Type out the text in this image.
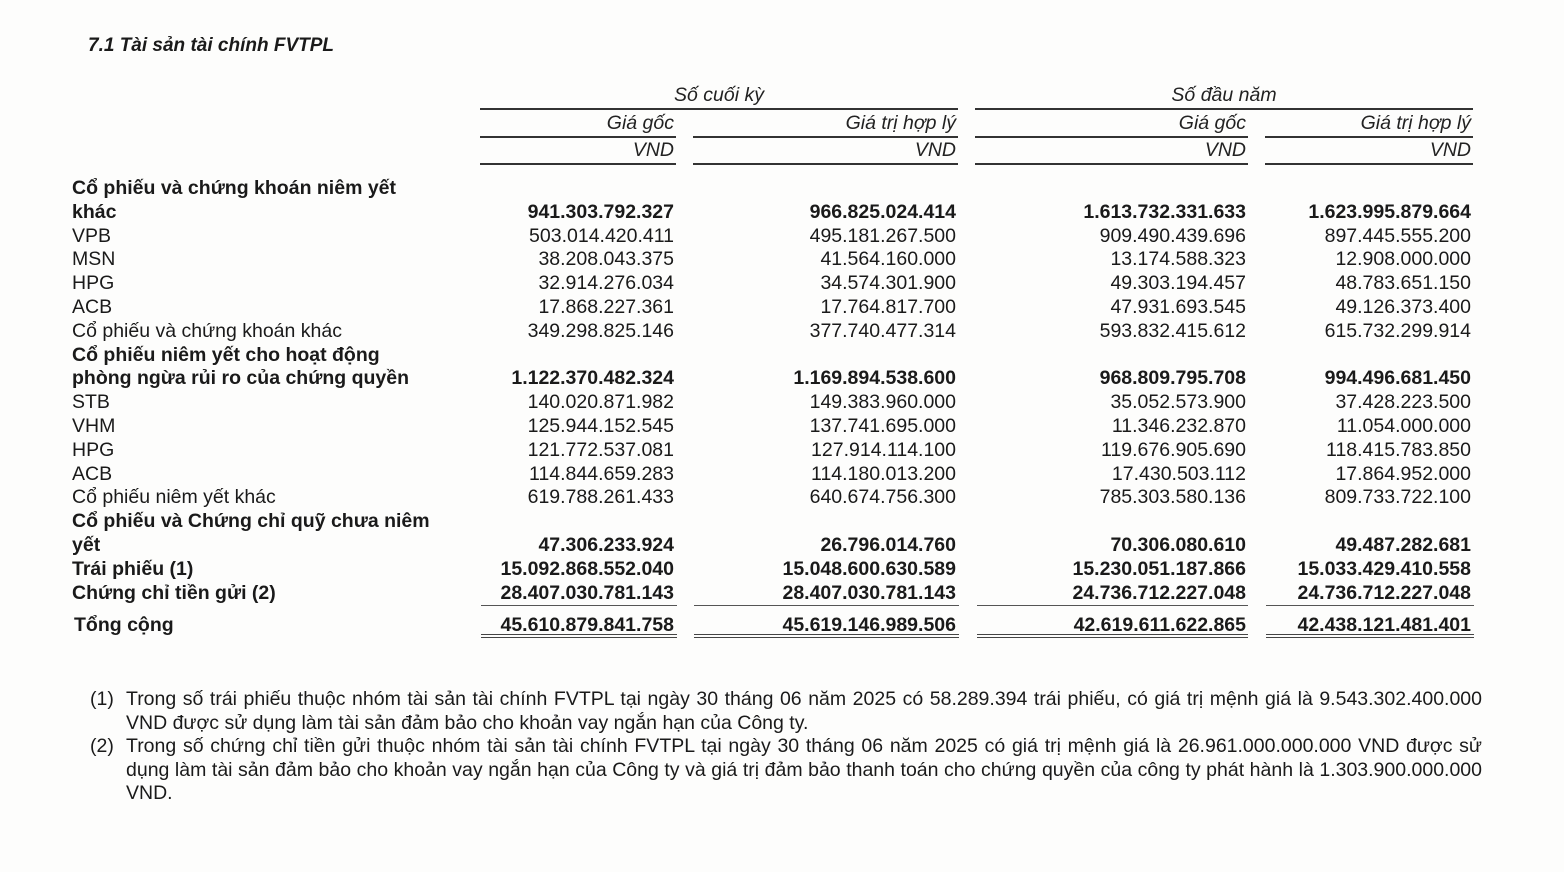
7.1 Tài sản tài chính FVTPL
Số cuối kỳ	Số đầu năm
Giá gốc	Giá trị hợp lý	Giá gốc	Giá trị hợp lý
VND	VND	VND	VND
Cổ phiếu và chứng khoán niêm yết
khác	941.303.792.327	966.825.024.414	1.613.732.331.633	1.623.995.879.664
VPB	503.014.420.411	495.181.267.500	909.490.439.696	897.445.555.200
MSN	38.208.043.375	41.564.160.000	13.174.588.323	12.908.000.000
HPG	32.914.276.034	34.574.301.900	49.303.194.457	48.783.651.150
ACB	17.868.227.361	17.764.817.700	47.931.693.545	49.126.373.400
Cổ phiếu và chứng khoán khác	349.298.825.146	377.740.477.314	593.832.415.612	615.732.299.914
Cổ phiếu niêm yết cho hoạt động
phòng ngừa rủi ro của chứng quyền	1.122.370.482.324	1.169.894.538.600	968.809.795.708	994.496.681.450
STB	140.020.871.982	149.383.960.000	35.052.573.900	37.428.223.500
VHM	125.944.152.545	137.741.695.000	11.346.232.870	11.054.000.000
HPG	121.772.537.081	127.914.114.100	119.676.905.690	118.415.783.850
ACB	114.844.659.283	114.180.013.200	17.430.503.112	17.864.952.000
Cổ phiếu niêm yết khác	619.788.261.433	640.674.756.300	785.303.580.136	809.733.722.100
Cổ phiếu và Chứng chỉ quỹ chưa niêm
yết	47.306.233.924	26.796.014.760	70.306.080.610	49.487.282.681
Trái phiếu (1)	15.092.868.552.040	15.048.600.630.589	15.230.051.187.866	15.033.429.410.558
Chứng chỉ tiền gửi (2)	28.407.030.781.143	28.407.030.781.143	24.736.712.227.048	24.736.712.227.048
Tổng cộng	45.610.879.841.758	45.619.146.989.506	42.619.611.622.865	42.438.121.481.401
(1) Trong số trái phiếu thuộc nhóm tài sản tài chính FVTPL tại ngày 30 tháng 06 năm 2025 có 58.289.394 trái phiếu, có giá trị mệnh giá là 9.543.302.400.000 VND được sử dụng làm tài sản đảm bảo cho khoản vay ngắn hạn của Công ty.
(2) Trong số chứng chỉ tiền gửi thuộc nhóm tài sản tài chính FVTPL tại ngày 30 tháng 06 năm 2025 có giá trị mệnh giá là 26.961.000.000.000 VND được sử dụng làm tài sản đảm bảo cho khoản vay ngắn hạn của Công ty và giá trị đảm bảo thanh toán cho chứng quyền của công ty phát hành là 1.303.900.000.000 VND.
